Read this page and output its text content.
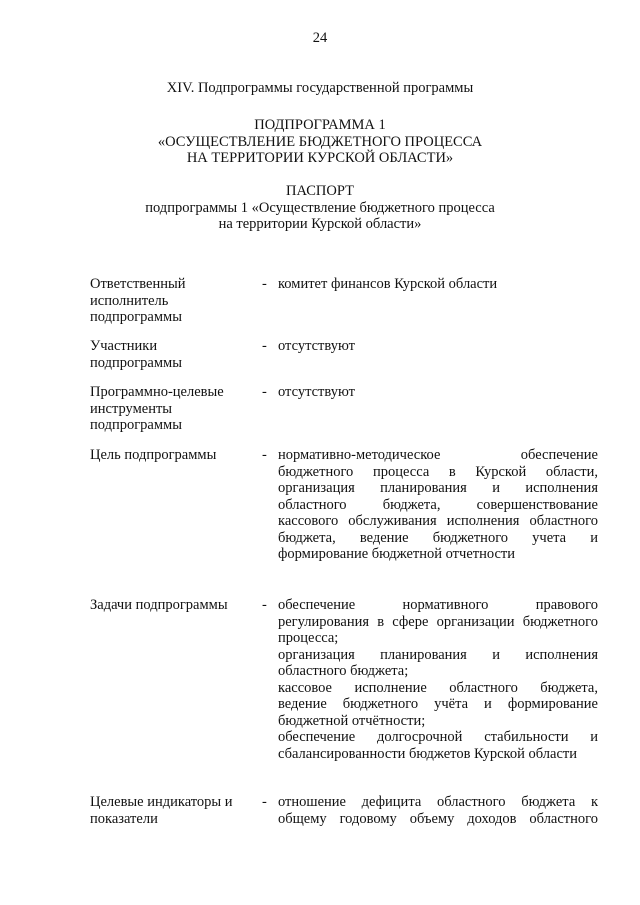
24
XIV. Подпрограммы государственной программы
ПОДПРОГРАММА 1
«ОСУЩЕСТВЛЕНИЕ БЮДЖЕТНОГО ПРОЦЕССА
НА ТЕРРИТОРИИ КУРСКОЙ ОБЛАСТИ»
ПАСПОРТ
подпрограммы 1 «Осуществление бюджетного процесса
на территории Курской области»
Ответственный
исполнитель
подпрограммы
- комитет финансов Курской области
Участники
подпрограммы
- отсутствуют
Программно-целевые
инструменты
подпрограммы
- отсутствуют
Цель подпрограммы	- нормативно-методическое обеспечение
бюджетного процесса в Курской области,
организация планирования и исполнения
областного бюджета, совершенствование
кассового обслуживания исполнения областного
бюджета, ведение бюджетного учета и
формирование бюджетной отчетности
Задачи подпрограммы	- обеспечение нормативного правового
регулирования в сфере организации бюджетного
процесса;
организация планирования и исполнения
областного бюджета;
кассовое исполнение областного бюджета,
ведение бюджетного учёта и формирование
бюджетной отчётности;
обеспечение долгосрочной стабильности и
сбалансированности бюджетов Курской области
Целевые индикаторы и
показатели
- отношение дефицита областного бюджета к
общему годовому объему доходов областного
